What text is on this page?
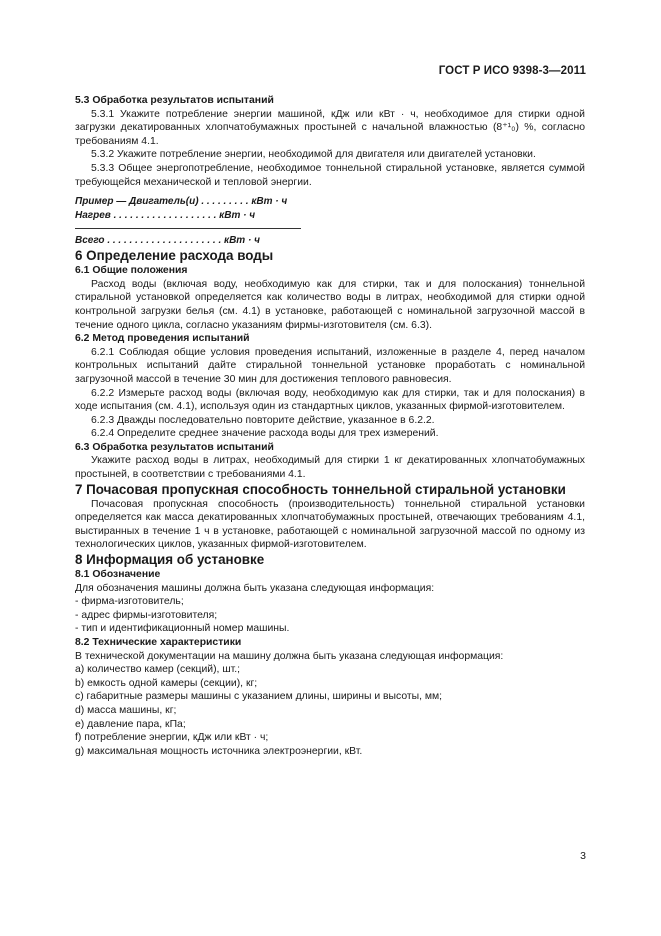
ГОСТ Р ИСО 9398-3—2011

5.3 Обработка результатов испытаний

5.3.1 Укажите потребление энергии машиной, кДж или кВт · ч, необходимое для стирки одной загрузки декатированных хлопчатобумажных простыней с начальной влажностью (8⁺¹₀) %, согласно требованиям 4.1.

5.3.2 Укажите потребление энергии, необходимой для двигателя или двигателей установки.

5.3.3 Общее энергопотребление, необходимое тоннельной стиральной установке, является суммой требующейся механической и тепловой энергии.

Пример — Двигатель(и) . . . . . . . . . кВт · ч

Нагрев . . . . . . . . . . . . . . . . . . . кВт · ч

Всего . . . . . . . . . . . . . . . . . . . . . кВт · ч

6 Определение расхода воды

6.1 Общие положения

Расход воды (включая воду, необходимую как для стирки, так и для полоскания) тоннельной стиральной установкой определяется как количество воды в литрах, необходимой для стирки одной контрольной загрузки белья (см. 4.1) в установке, работающей с номинальной загрузочной массой в течение одного цикла, согласно указаниям фирмы-изготовителя (см. 6.3).

6.2 Метод проведения испытаний

6.2.1 Соблюдая общие условия проведения испытаний, изложенные в разделе 4, перед началом контрольных испытаний дайте стиральной тоннельной установке проработать с номинальной загрузочной массой в течение 30 мин для достижения теплового равновесия.

6.2.2 Измерьте расход воды (включая воду, необходимую как для стирки, так и для полоскания) в ходе испытания (см. 4.1), используя один из стандартных циклов, указанных фирмой-изготовителем.

6.2.3 Дважды последовательно повторите действие, указанное в 6.2.2.

6.2.4 Определите среднее значение расхода воды для трех измерений.

6.3 Обработка результатов испытаний

Укажите расход воды в литрах, необходимый для стирки 1 кг декатированных хлопчатобумажных простыней, в соответствии с требованиями 4.1.

7 Почасовая пропускная способность тоннельной стиральной установки

Почасовая пропускная способность (производительность) тоннельной стиральной установки определяется как масса декатированных хлопчатобумажных простыней, отвечающих требованиям 4.1, выстиранных в течение 1 ч в установке, работающей с номинальной загрузочной массой по одному из технологических циклов, указанных фирмой-изготовителем.

8 Информация об установке

8.1 Обозначение

Для обозначения машины должна быть указана следующая информация:

- фирма-изготовитель;

- адрес фирмы-изготовителя;

- тип и идентификационный номер машины.

8.2 Технические характеристики

В технической документации на машину должна быть указана следующая информация:

a) количество камер (секций), шт.;

b) емкость одной камеры (секции), кг;

c) габаритные размеры машины с указанием длины, ширины и высоты, мм;

d) масса машины, кг;

e) давление пара, кПа;

f) потребление энергии, кДж или кВт · ч;

g) максимальная мощность источника электроэнергии, кВт.

3
